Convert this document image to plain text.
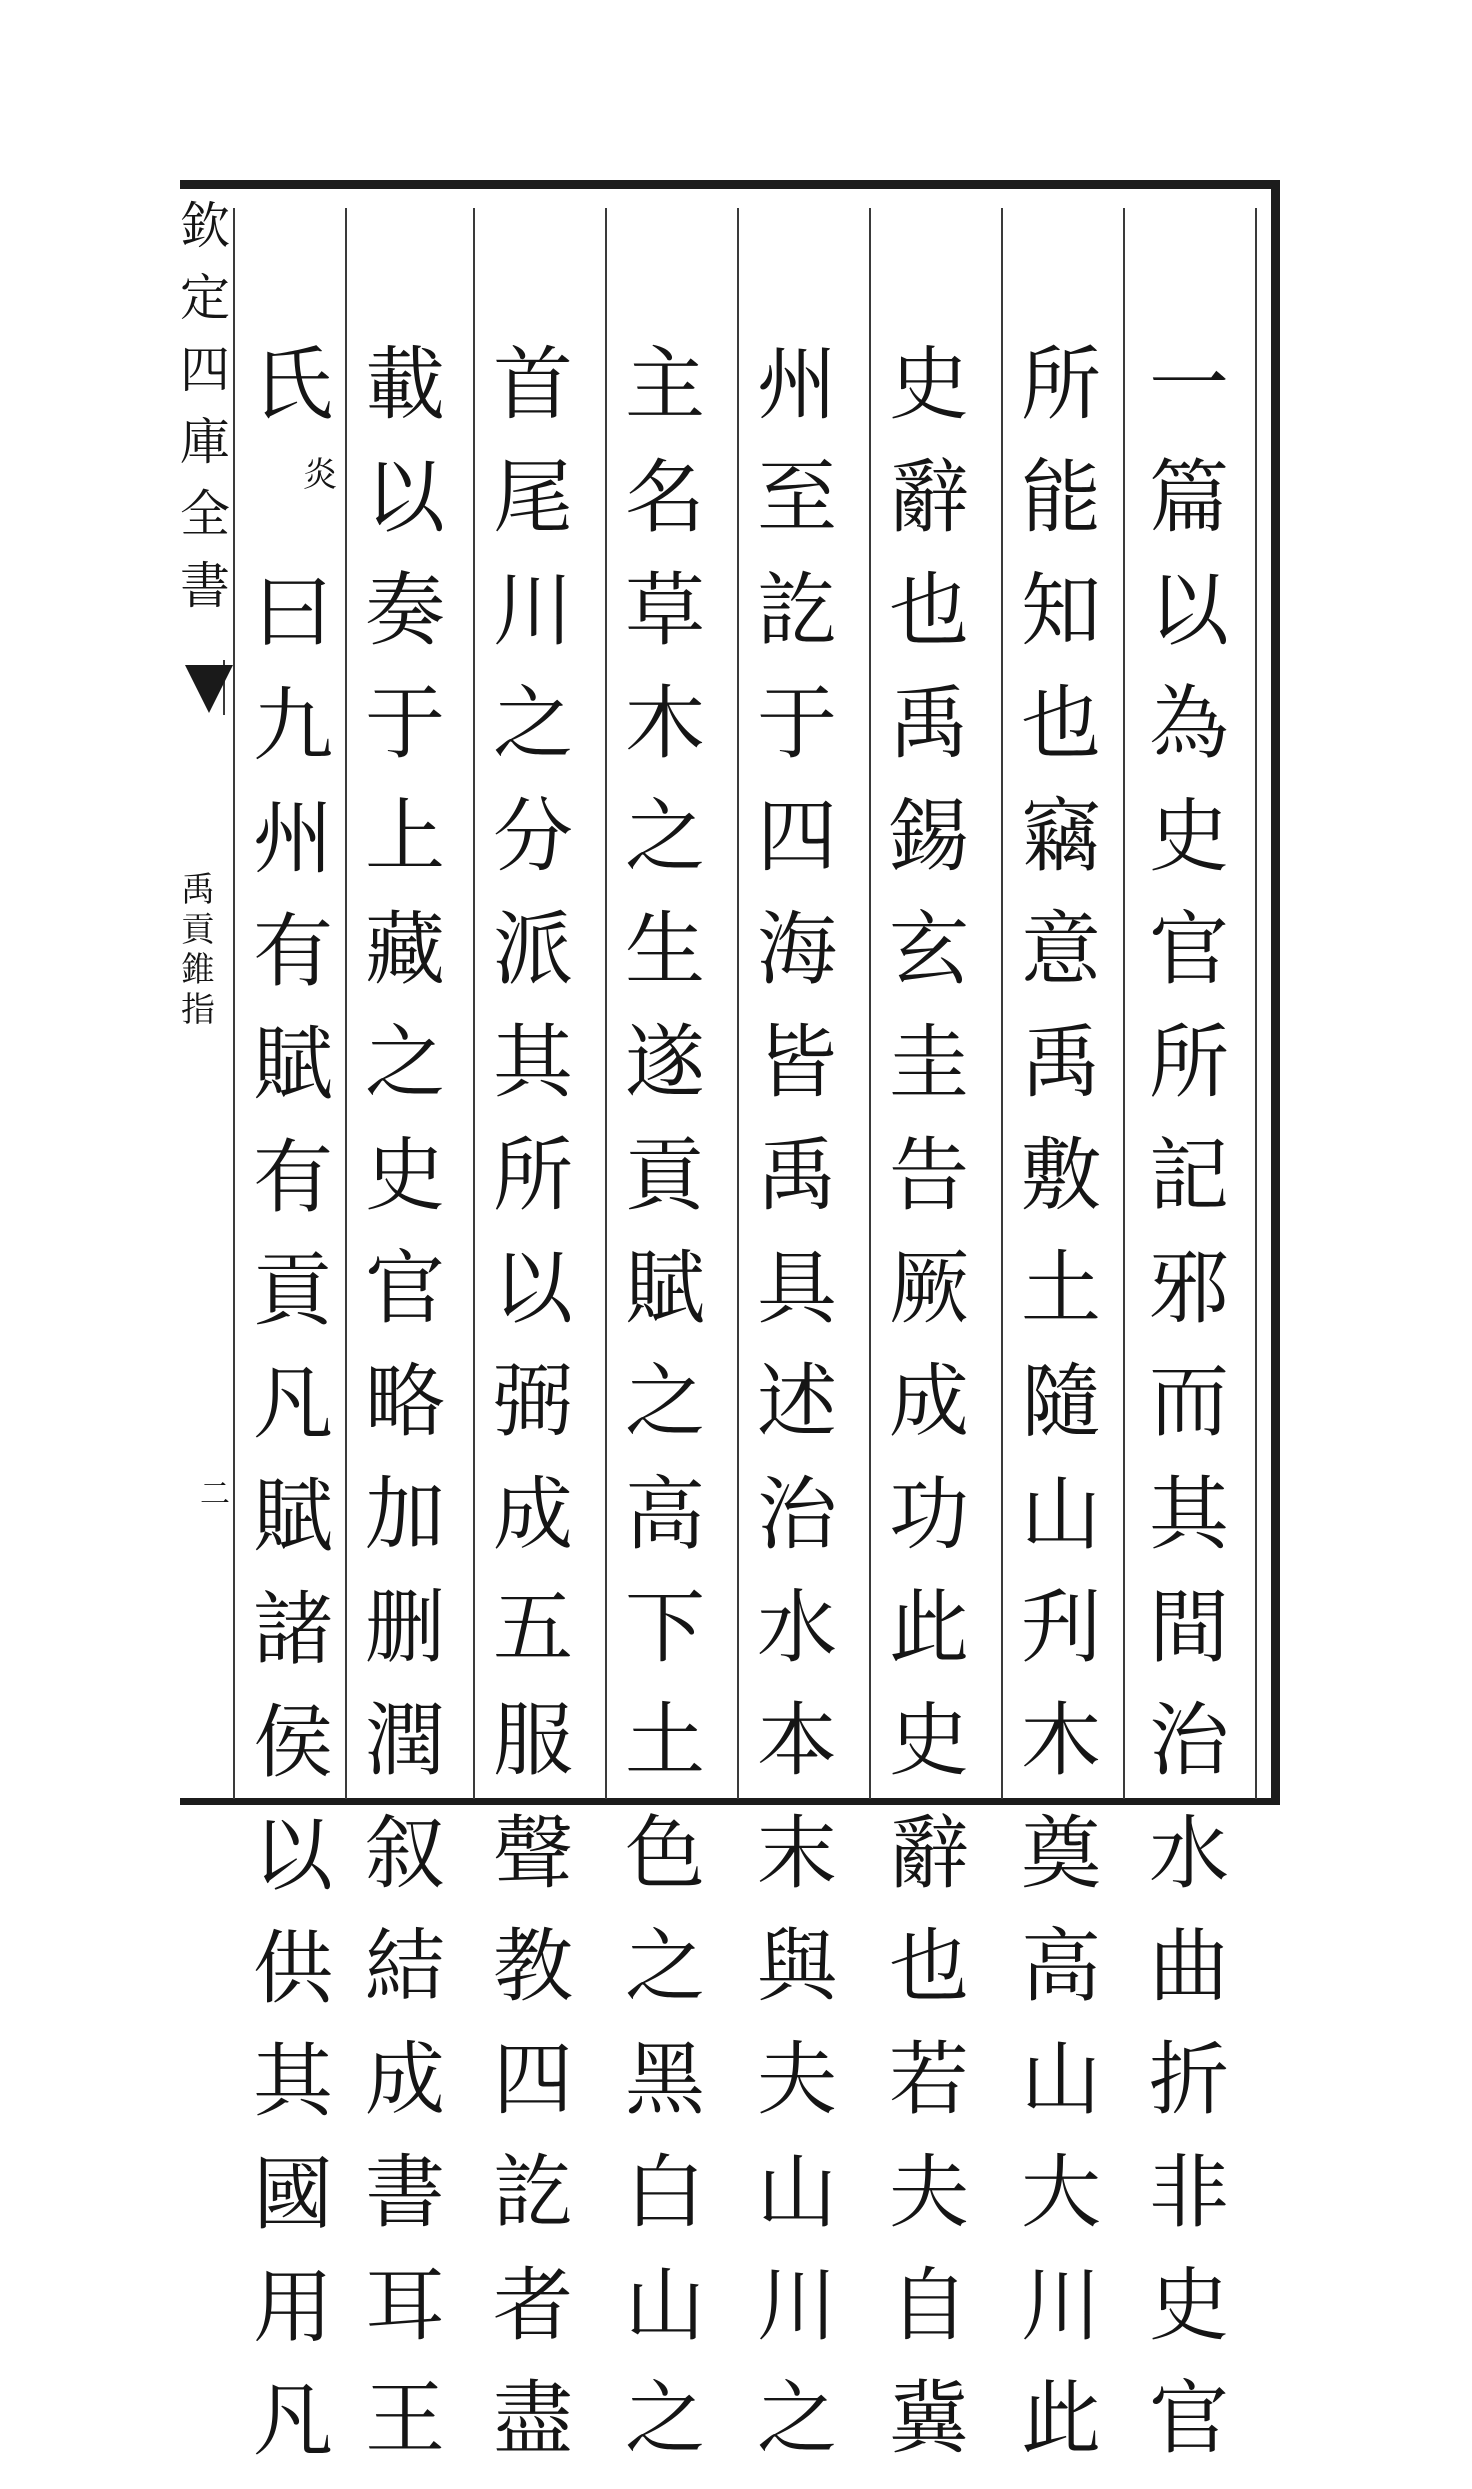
欽
定
四
庫
全
書
禹
貢
錐
指
二
一
篇
以
為
史
官
所
記
邪
而
其
間
治
水
曲
折
非
史
官
所
能
知
也
竊
意
禹
敷
土
隨
山
刋
木
奠
高
山
大
川
此
史
辭
也
禹
錫
玄
圭
告
厥
成
功
此
史
辭
也
若
夫
自
冀
州
至
訖
于
四
海
皆
禹
具
述
治
水
本
末
與
夫
山
川
之
主
名
草
木
之
生
遂
貢
賦
之
高
下
土
色
之
黑
白
山
之
首
尾
川
之
分
派
其
所
以
弼
成
五
服
聲
教
四
訖
者
盡
載
以
奏
于
上
藏
之
史
官
略
加
删
潤
叙
結
成
書
耳
王
氏
炎
曰
九
州
有
賦
有
貢
凡
賦
諸
侯
以
供
其
國
用
凡
